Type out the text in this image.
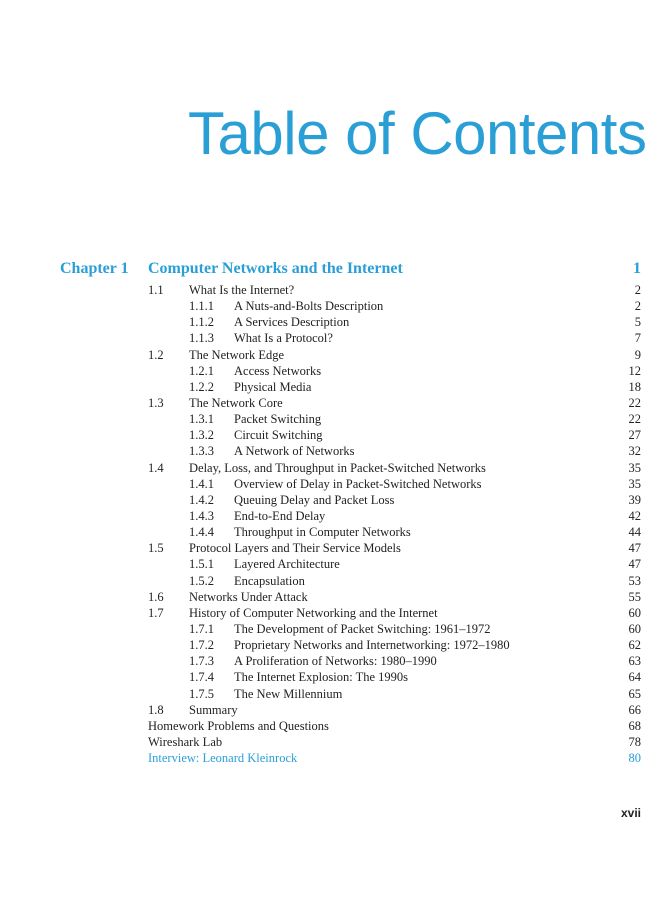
Table of Contents
Chapter 1 Computer Networks and the Internet	1
1.1 What Is the Internet?	2
1.1.1 A Nuts-and-Bolts Description	2
1.1.2 A Services Description	5
1.1.3 What Is a Protocol?	7
1.2 The Network Edge	9
1.2.1 Access Networks	12
1.2.2 Physical Media	18
1.3 The Network Core	22
1.3.1 Packet Switching	22
1.3.2 Circuit Switching	27
1.3.3 A Network of Networks	32
1.4 Delay, Loss, and Throughput in Packet-Switched Networks	35
1.4.1 Overview of Delay in Packet-Switched Networks	35
1.4.2 Queuing Delay and Packet Loss	39
1.4.3 End-to-End Delay	42
1.4.4 Throughput in Computer Networks	44
1.5 Protocol Layers and Their Service Models	47
1.5.1 Layered Architecture	47
1.5.2 Encapsulation	53
1.6 Networks Under Attack	55
1.7 History of Computer Networking and the Internet	60
1.7.1 The Development of Packet Switching: 1961–1972	60
1.7.2 Proprietary Networks and Internetworking: 1972–1980	62
1.7.3 A Proliferation of Networks: 1980–1990	63
1.7.4 The Internet Explosion: The 1990s	64
1.7.5 The New Millennium	65
1.8 Summary	66
Homework Problems and Questions	68
Wireshark Lab	78
Interview: Leonard Kleinrock	80
xvii
